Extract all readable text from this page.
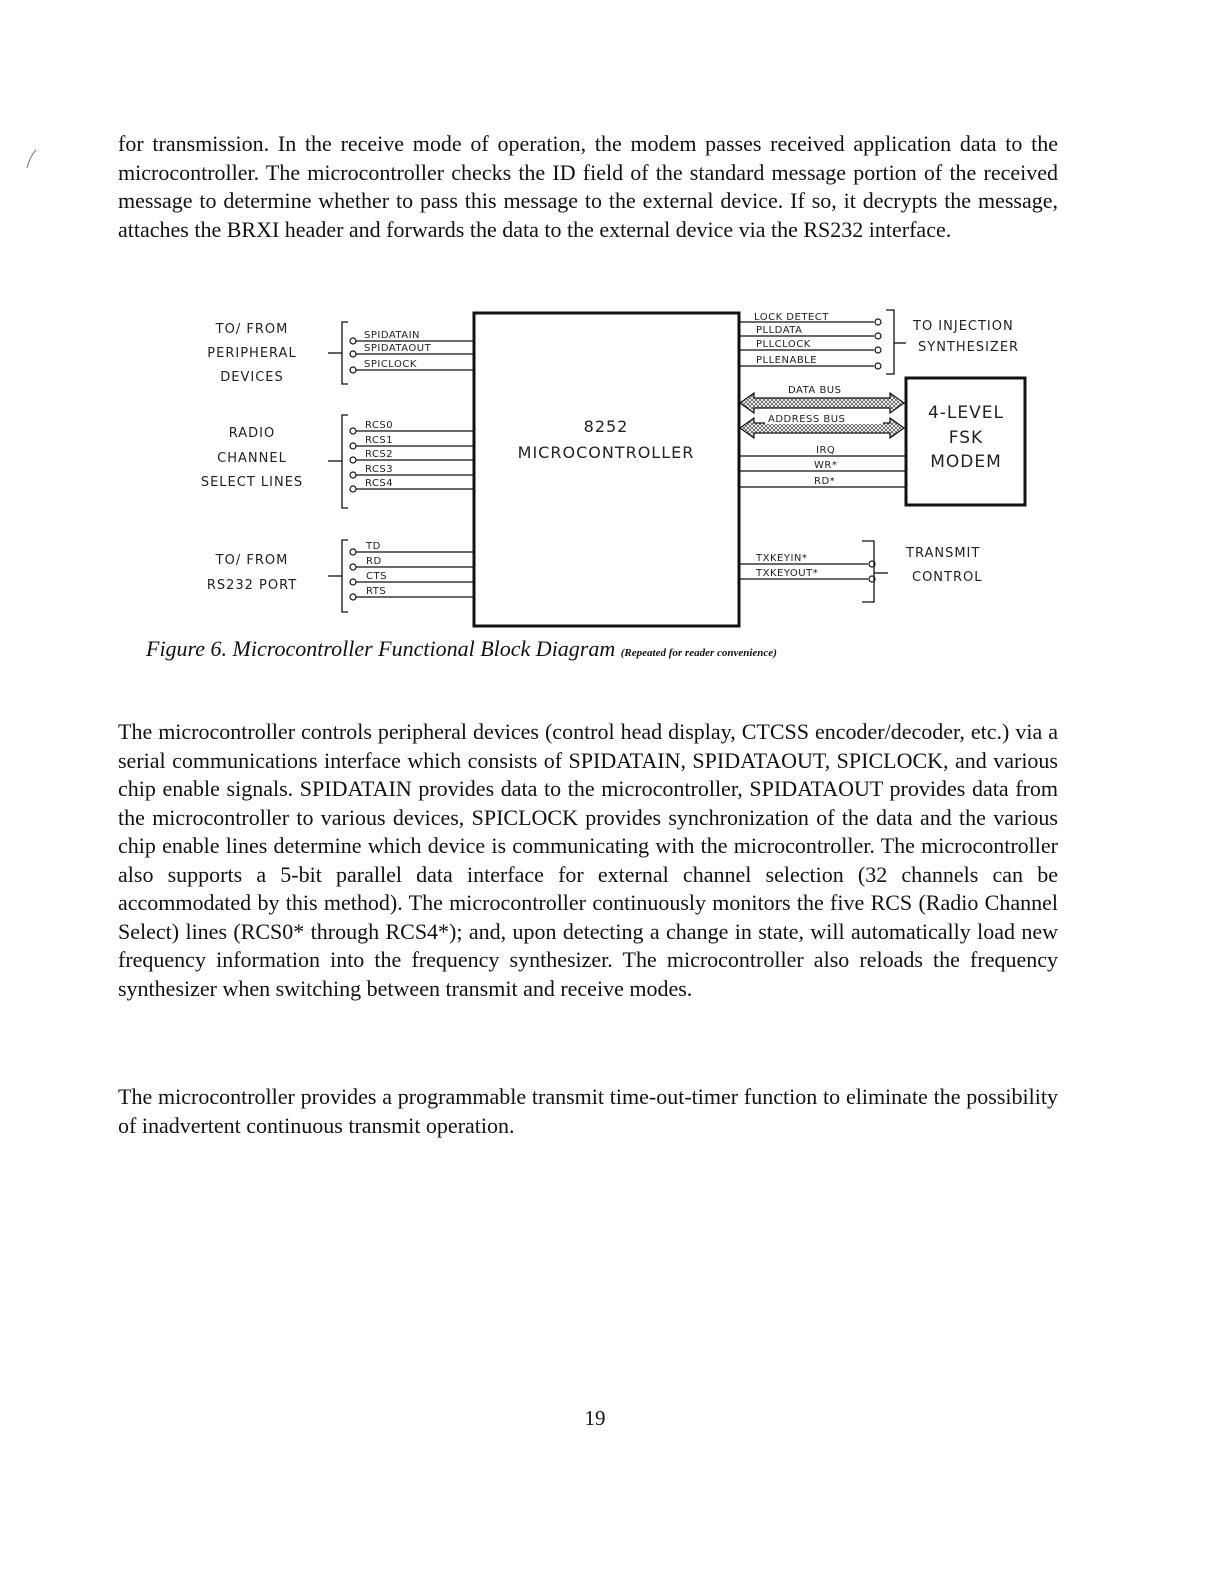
for transmission. In the receive mode of operation, the modem passes received application data to the microcontroller. The microcontroller checks the ID field of the standard message portion of the received message to determine whether to pass this message to the external device. If so, it decrypts the message, attaches the BRXI header and forwards the data to the external device via the RS232 interface.

TO/ FROM
PERIPHERAL
DEVICES
RADIO
CHANNEL
SELECT LINES
TO/ FROM
RS232 PORT
SPIDATAIN
SPIDATAOUT
SPICLOCK
RCS0
RCS1
RCS2
RCS3
RCS4
TD
RD
CTS
RTS
8252
MICROCONTROLLER
LOCK DETECT
PLLDATA
PLLCLOCK
PLLENABLE
TO INJECTION
SYNTHESIZER
DATA BUS
ADDRESS BUS
IRQ
WR*
RD*
4-LEVEL
FSK
MODEM
TXKEYIN*
TXKEYOUT*
TRANSMIT
CONTROL

Figure 6. Microcontroller Functional Block Diagram (Repeated for reader convenience)

The microcontroller controls peripheral devices (control head display, CTCSS encoder/decoder, etc.) via a serial communications interface which consists of SPIDATAIN, SPIDATAOUT, SPICLOCK, and various chip enable signals. SPIDATAIN provides data to the microcontroller, SPIDATAOUT provides data from the microcontroller to various devices, SPICLOCK provides synchronization of the data and the various chip enable lines determine which device is communicating with the microcontroller. The microcontroller also supports a 5-bit parallel data interface for external channel selection (32 channels can be accommodated by this method). The microcontroller continuously monitors the five RCS (Radio Channel Select) lines (RCS0* through RCS4*); and, upon detecting a change in state, will automatically load new frequency information into the frequency synthesizer. The microcontroller also reloads the frequency synthesizer when switching between transmit and receive modes.

The microcontroller provides a programmable transmit time-out-timer function to eliminate the possibility of inadvertent continuous transmit operation.

19
